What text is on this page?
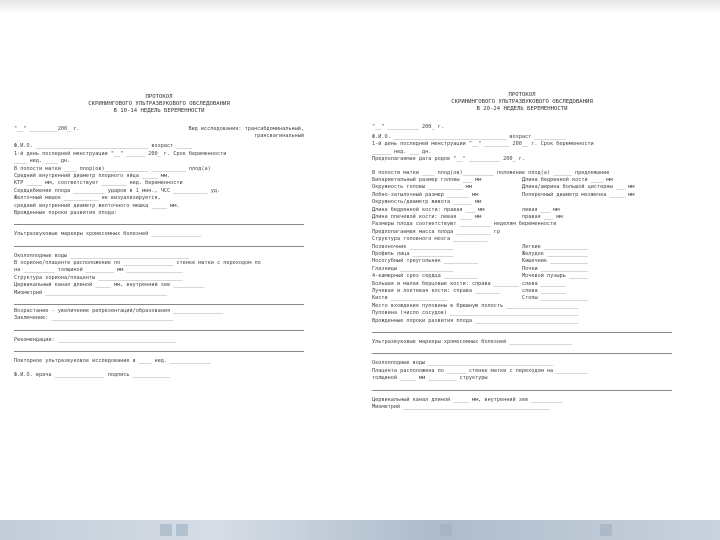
ПРОТОКОЛ
СКРИНИНГОВОГО УЛЬТРАЗВУКОВОГО ОБСЛЕДОВАНИЯ
В 10-14 НЕДЕЛЬ БЕРЕМЕННОСТИ
"__" _________200_ г.	Вид исследования: трансабдоминальный,
трансвагинальный
Ф.И.О. ____________________________________ возраст _____
1-й день последней менструации "__" ______ 200_ г. Срок беременности
____ нед. ____ дн.
В полости матки ____ плод(ов)______________ ___________ плод(а)
Средний внутренний диаметр плодного яйца _____ мм.
КТР _____ мм, соответствует ________ нед. беременности
Сердцебиение плода __________ ударов в 1 мин., ЧСС ___________ уд.
Желточный мешок ___________ не визуализируется,
средний внутренний диаметр желточного мешка _____ мм.
Врожденные пороки развития плода:
Ультразвуковые маркеры хромосомных болезней ________________
Околоплодные воды ______________________________________
В хорионе/плаценте расположение по ________________ стенке матки с переходом по
на __________ толщиной _________ мм __________________
Структура хориона/плаценты ___________________________
Цервикальный канал длиной _____ мм, внутренний зев __________
Миометрий _______________________________________
Возрастание - увеличение репрезентаций/образования ________________
Заключение: _______________________________________
Рекомендации: ______________________________________
Повторное ультразвуковое исследование в ____ нед. _____________
Ф.И.О. врача ________________ подпись ____________
ПРОТОКОЛ
СКРИНИНГОВОГО УЛЬТРАЗВУКОВОГО ОБСЛЕДОВАНИЯ
В 20-24 НЕДЕЛЬ БЕРЕМЕННОСТИ
"__" __________ 200_ г.
Ф.И.О. ____________________________________ возраст __________
1-й день последней менструации "__" ________ 200__ г. Срок беременности
______ нед. ___ дн.
Предполагаемая дата родов "__" __________ 200_ г.
В полости матки ____ плод(ов)__________ положение плод(а) ______ предлежание
Бипариетальный размер головы ___ мм	Длина бедренной кости ____ мм
Окружность головы ___________ мм	Длина/ширина большой цистерны ___ мм
Лобно-затылочный размер _______ мм	Поперечный диаметр мозжечка _____ мм
Окружность/диаметр живота ______ мм
Длина бедренной кости: правая ___ мм	левая ___ мм
Длина плечевой кости: левая ____ мм	правая ___ мм
Размеры плода соответствуют __________ неделям беременности
Предполагаемая масса плода ___________ гр
Структура головного мозга ___________
Позвоночник ______________	Легкие ______________
Профиль лица _____________	Желудок _____________
Носогубный треугольник ___________	Кишечник ____________
Глазницы _________________	Почки _______________
4-камерный срез сердца ___________	Мочевой пузырь ______
Большая и малая берцовые кости: справа ________ слева ________
Лучевая и локтевая кости: справа ________	слева ________
Кисти __________________	Стопы _______________
Место вхождения пуповины в брюшную полость _______________________
Пуповина (число сосудов) _________________________________________
Врожденные пороки развития плода _________________________________
Ультразвуковые маркеры хромосомных болезней ____________________
Околоплодные воды ________________________________________
Плацента расположена по ______ стенке матки с переходом на __________
толщиной _____ мм _________ структуры
Цервикальный канал длиной _____ мм, внутренний зев __________
Миометрий _______________________________________________
